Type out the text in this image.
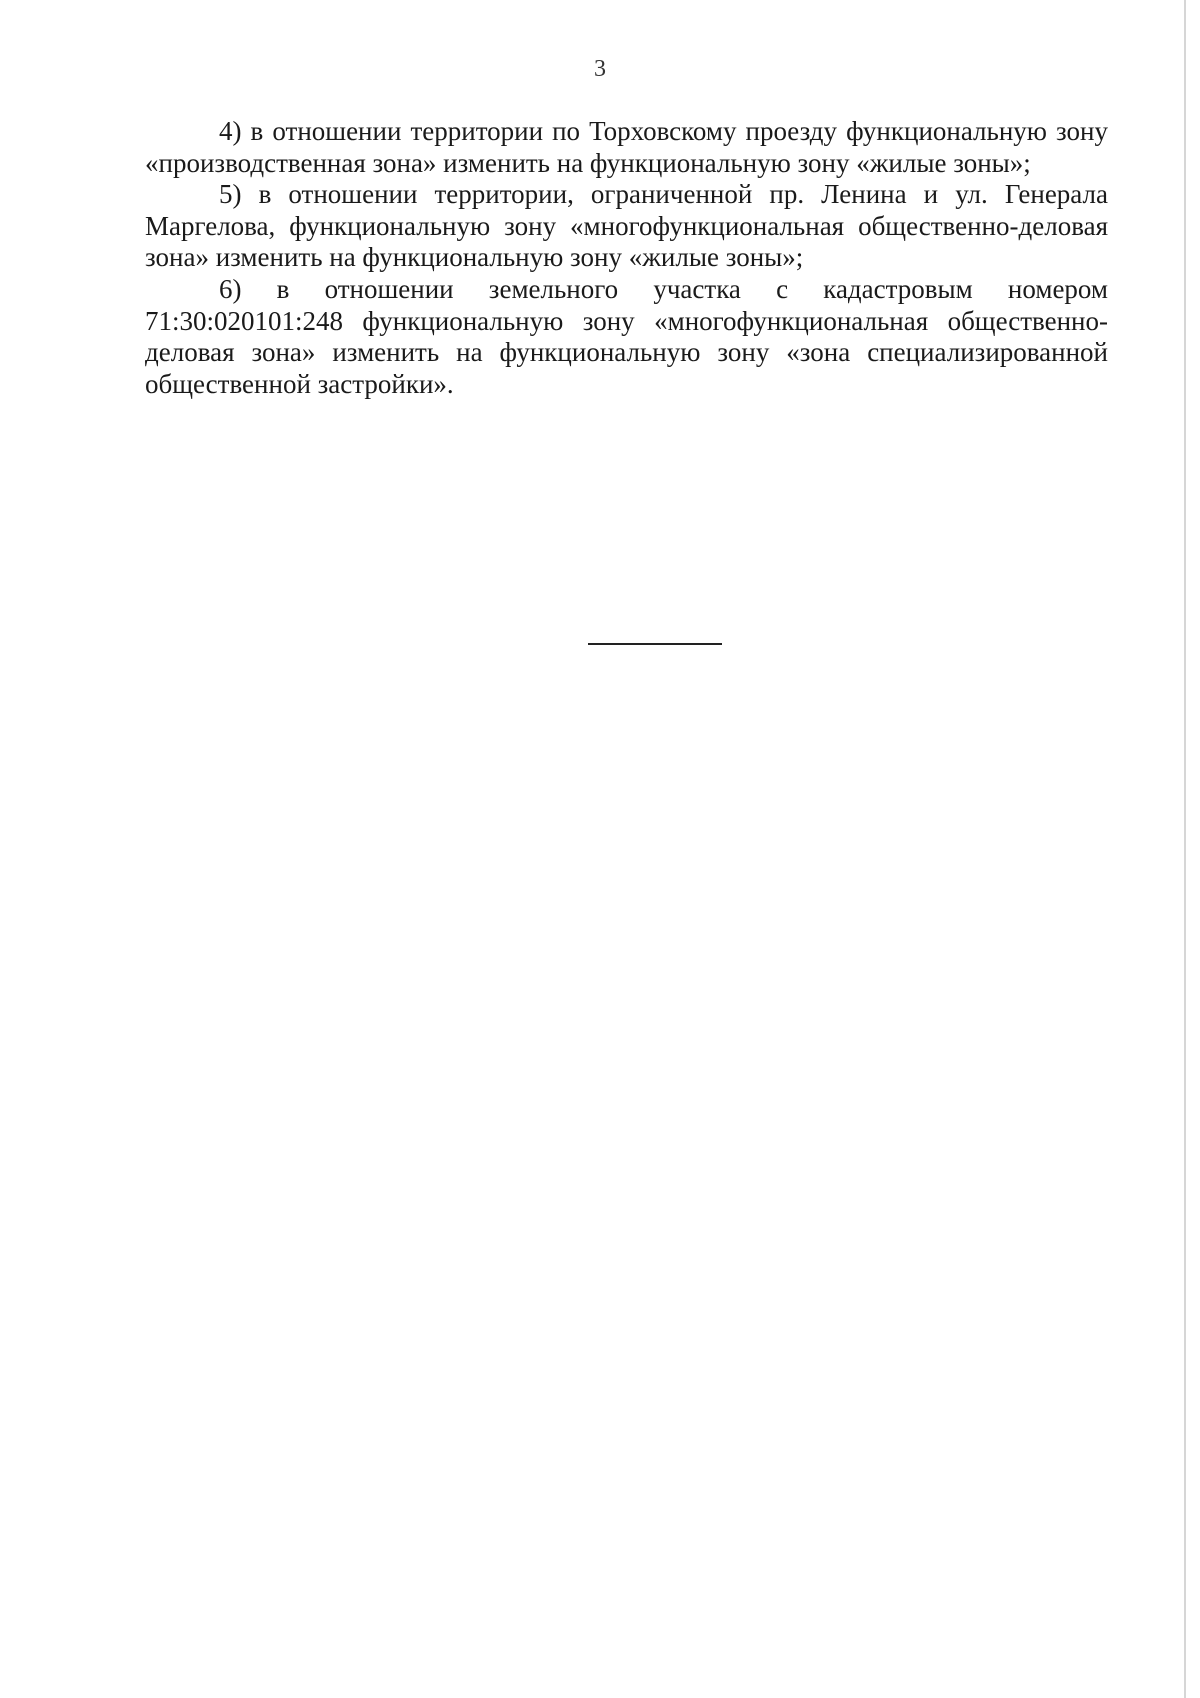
3

4) в отношении территории по Торховскому проезду функциональную зону «производственная зона» изменить на функциональную зону «жилые зоны»;

5) в отношении территории, ограниченной пр. Ленина и ул. Генерала Маргелова, функциональную зону «многофункциональная общественно-деловая зона» изменить на функциональную зону «жилые зоны»;

6) в отношении земельного участка с кадастровым номером 71:30:020101:248 функциональную зону «многофункциональная общественно-деловая зона» изменить на функциональную зону «зона специализированной общественной застройки».
